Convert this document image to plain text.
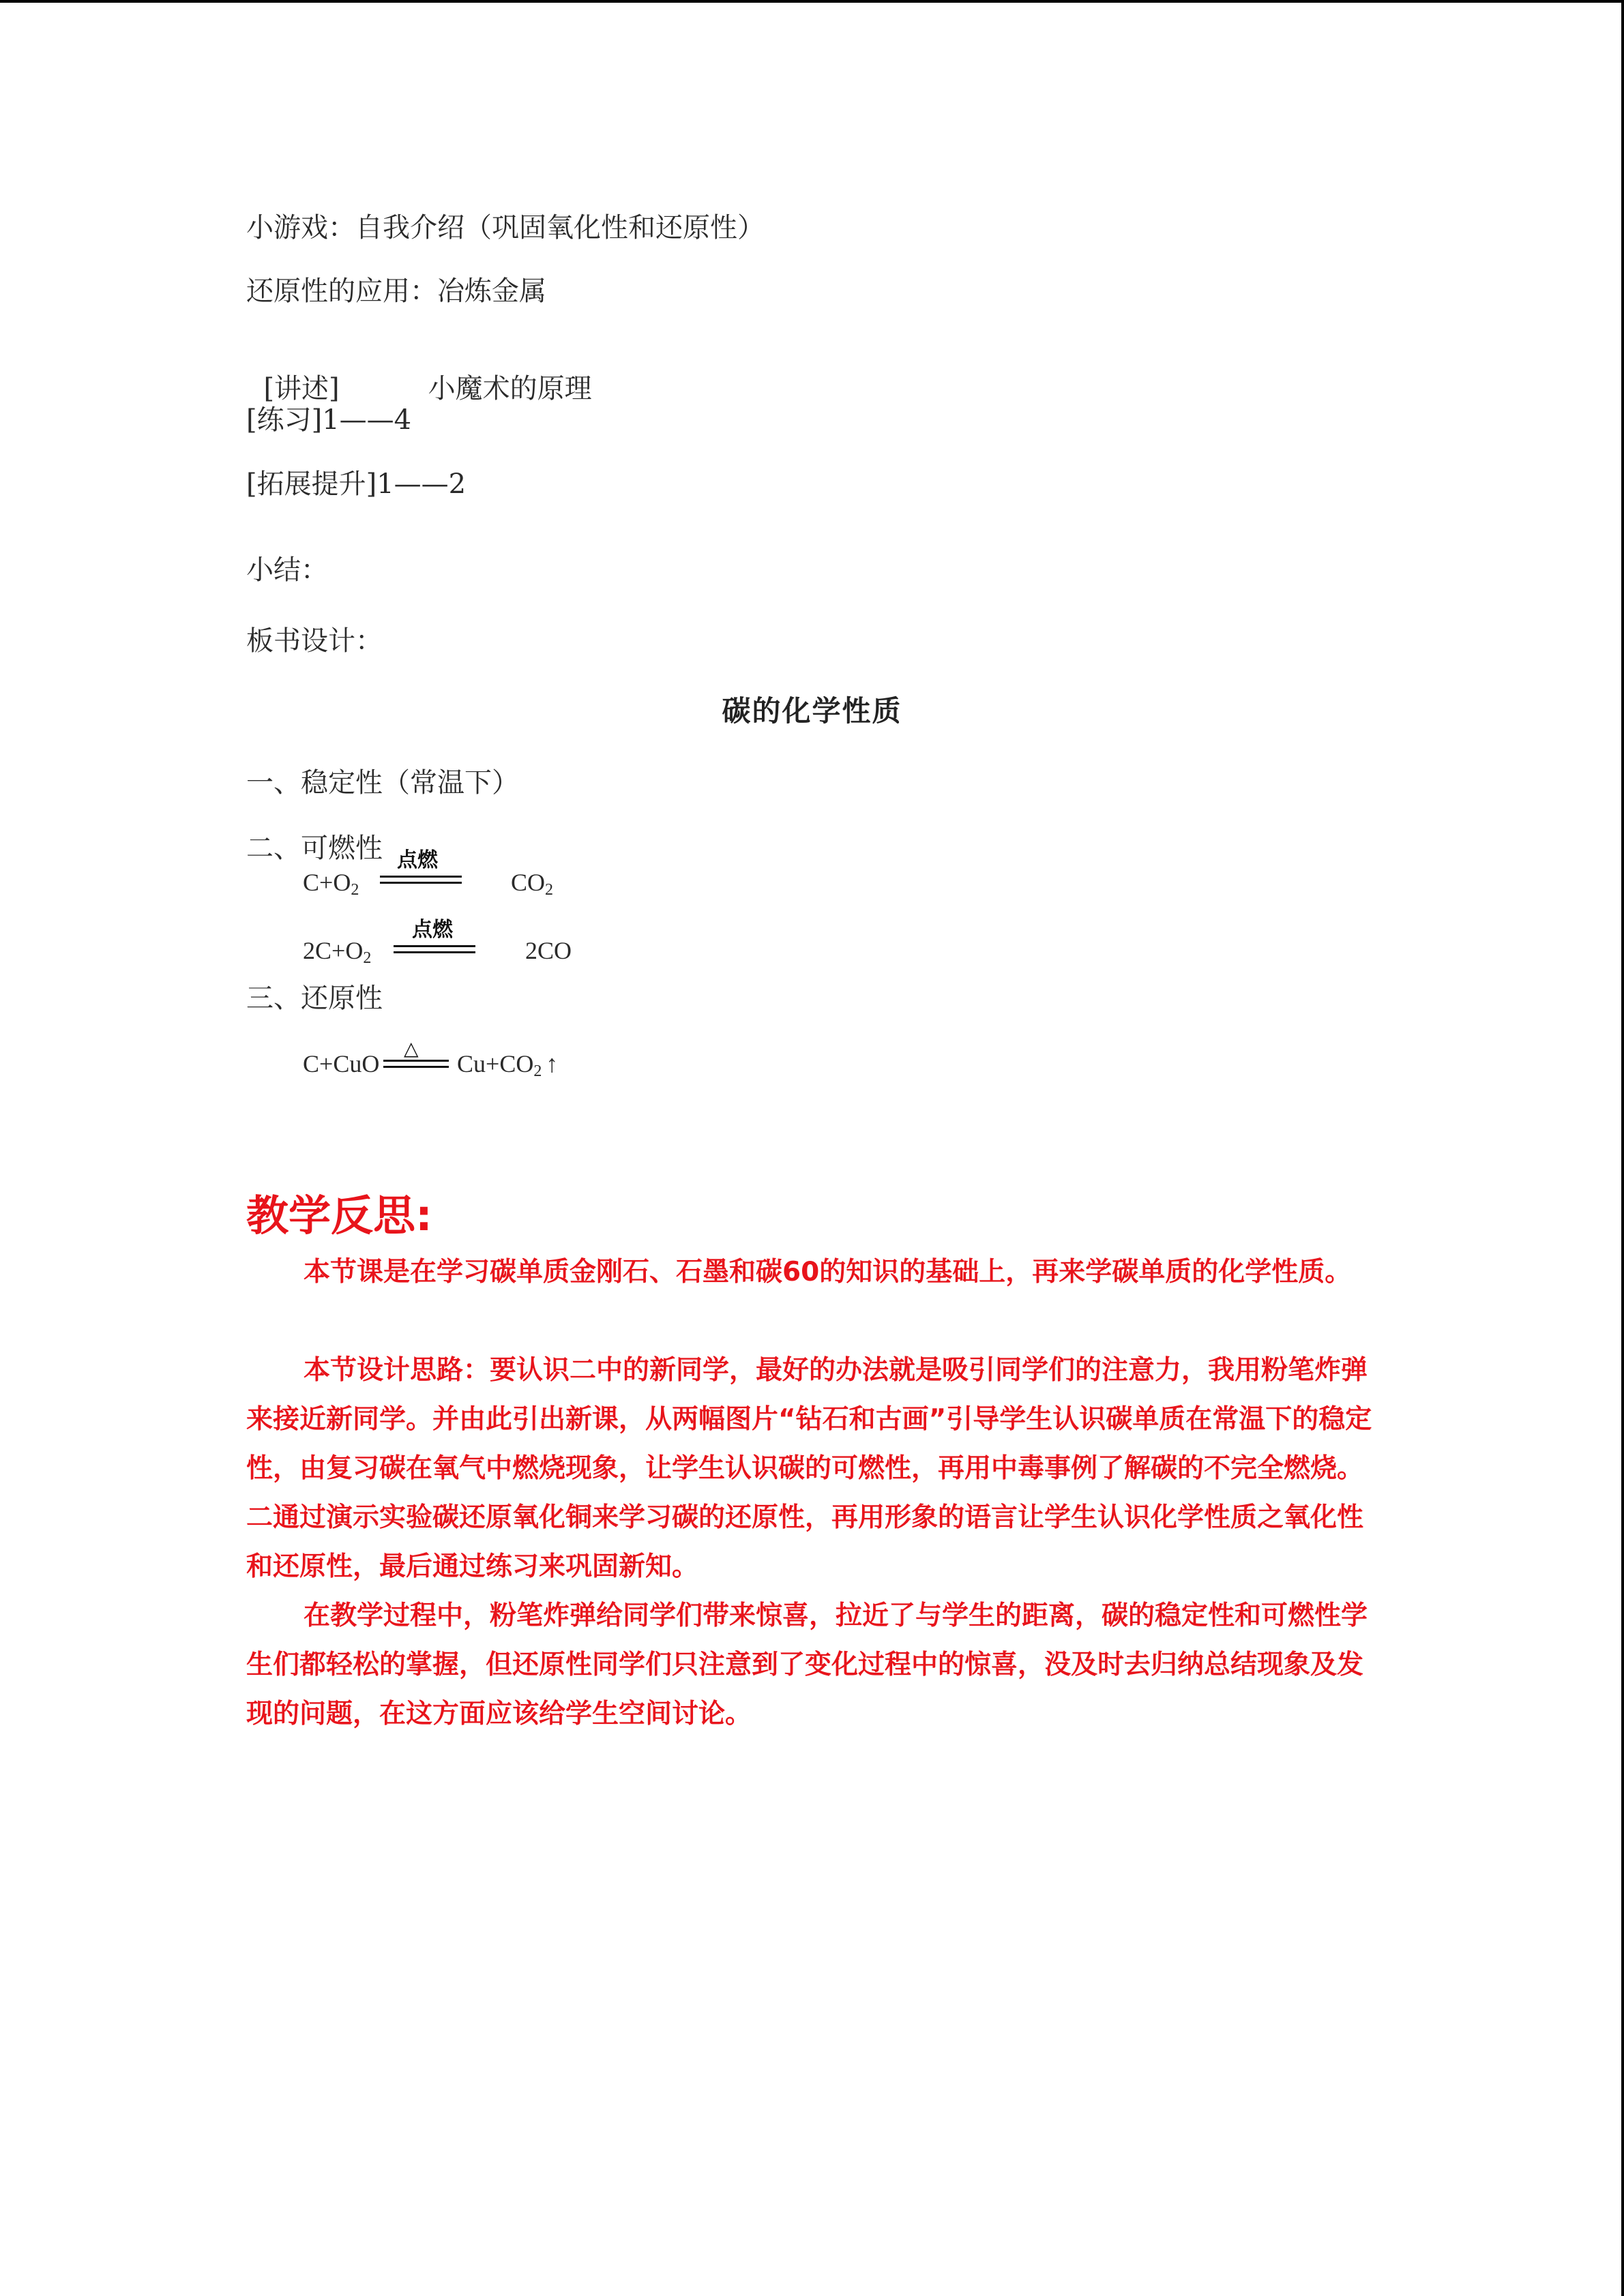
小游戏：自我介绍（巩固氧化性和还原性）
还原性的应用：冶炼金属

[讲述]	小魔术的原理

[练习]1——4
[拓展提升]1——2
小结：
板书设计：
碳的化学性质
一、稳定性（常温下）
二、可燃性
$C+O_2$
点燃
$CO_2$
$2C+O_2$
点燃
2CO
三、还原性
C+CuO
△
$Cu+CO_2$ ↑
教学反思:

本节课是在学习碳单质金刚石、石墨和碳60的知识的基础上，再来学碳单质的化学性质。

本节设计思路：要认识二中的新同学，最好的办法就是吸引同学们的注意力，我用粉笔炸弹来接近新同学。并由此引出新课，从两幅图片“钻石和古画”引导学生认识碳单质在常温下的稳定性，由复习碳在氧气中燃烧现象，让学生认识碳的可燃性，再用中毒事例了解碳的不完全燃烧。二通过演示实验碳还原氧化铜来学习碳的还原性，再用形象的语言让学生认识化学性质之氧化性和还原性，最后通过练习来巩固新知。

在教学过程中，粉笔炸弹给同学们带来惊喜，拉近了与学生的距离，碳的稳定性和可燃性学生们都轻松的掌握，但还原性同学们只注意到了变化过程中的惊喜，没及时去归纳总结现象及发现的问题，在这方面应该给学生空间讨论。
